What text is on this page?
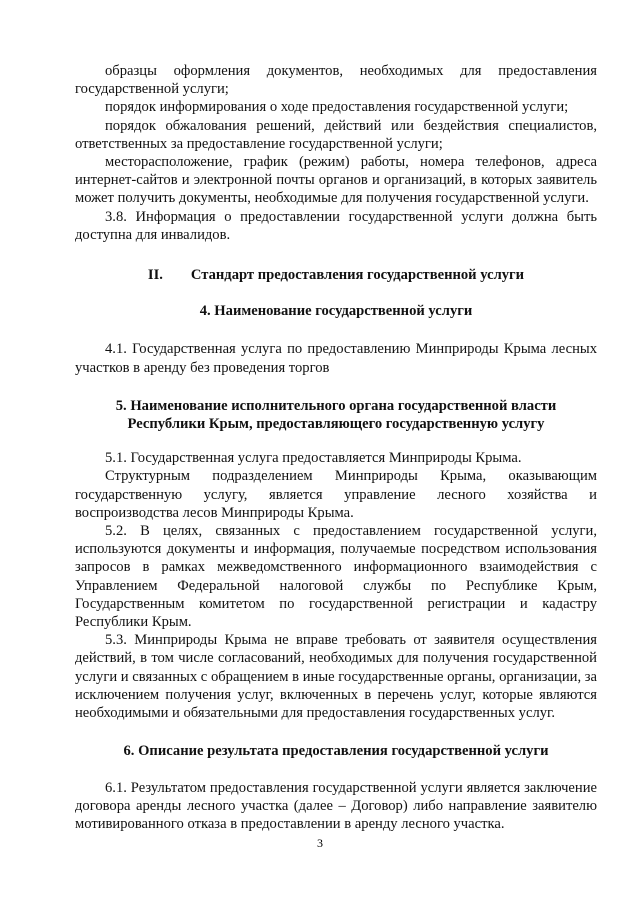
образцы оформления документов, необходимых для предоставления государственной услуги;

порядок информирования о ходе предоставления государственной услуги;

порядок обжалования решений, действий или бездействия специалистов, ответственных за предоставление государственной услуги;

месторасположение, график (режим) работы, номера телефонов, адреса интернет-сайтов и электронной почты органов и организаций, в которых заявитель может получить документы, необходимые для получения государственной услуги.

3.8. Информация о предоставлении государственной услуги должна быть доступна для инвалидов.

II. Стандарт предоставления государственной услуги
4. Наименование государственной услуги

4.1. Государственная услуга по предоставлению Минприроды Крыма лесных участков в аренду без проведения торгов

5. Наименование исполнительного органа государственной власти
Республики Крым, предоставляющего государственную услугу

5.1. Государственная услуга предоставляется Минприроды Крыма.

Структурным подразделением Минприроды Крыма, оказывающим государственную услугу, является управление лесного хозяйства и воспроизводства лесов Минприроды Крыма.

5.2. В целях, связанных с предоставлением государственной услуги, используются документы и информация, получаемые посредством использования запросов в рамках межведомственного информационного взаимодействия с Управлением Федеральной налоговой службы по Республике Крым, Государственным комитетом по государственной регистрации и кадастру Республики Крым.

5.3. Минприроды Крыма не вправе требовать от заявителя осуществления действий, в том числе согласований, необходимых для получения государственной услуги и связанных с обращением в иные государственные органы, организации, за исключением получения услуг, включенных в перечень услуг, которые являются необходимыми и обязательными для предоставления государственных услуг.

6. Описание результата предоставления государственной услуги

6.1. Результатом предоставления государственной услуги является заключение договора аренды лесного участка (далее – Договор) либо направление заявителю мотивированного отказа в предоставлении в аренду лесного участка.

3
